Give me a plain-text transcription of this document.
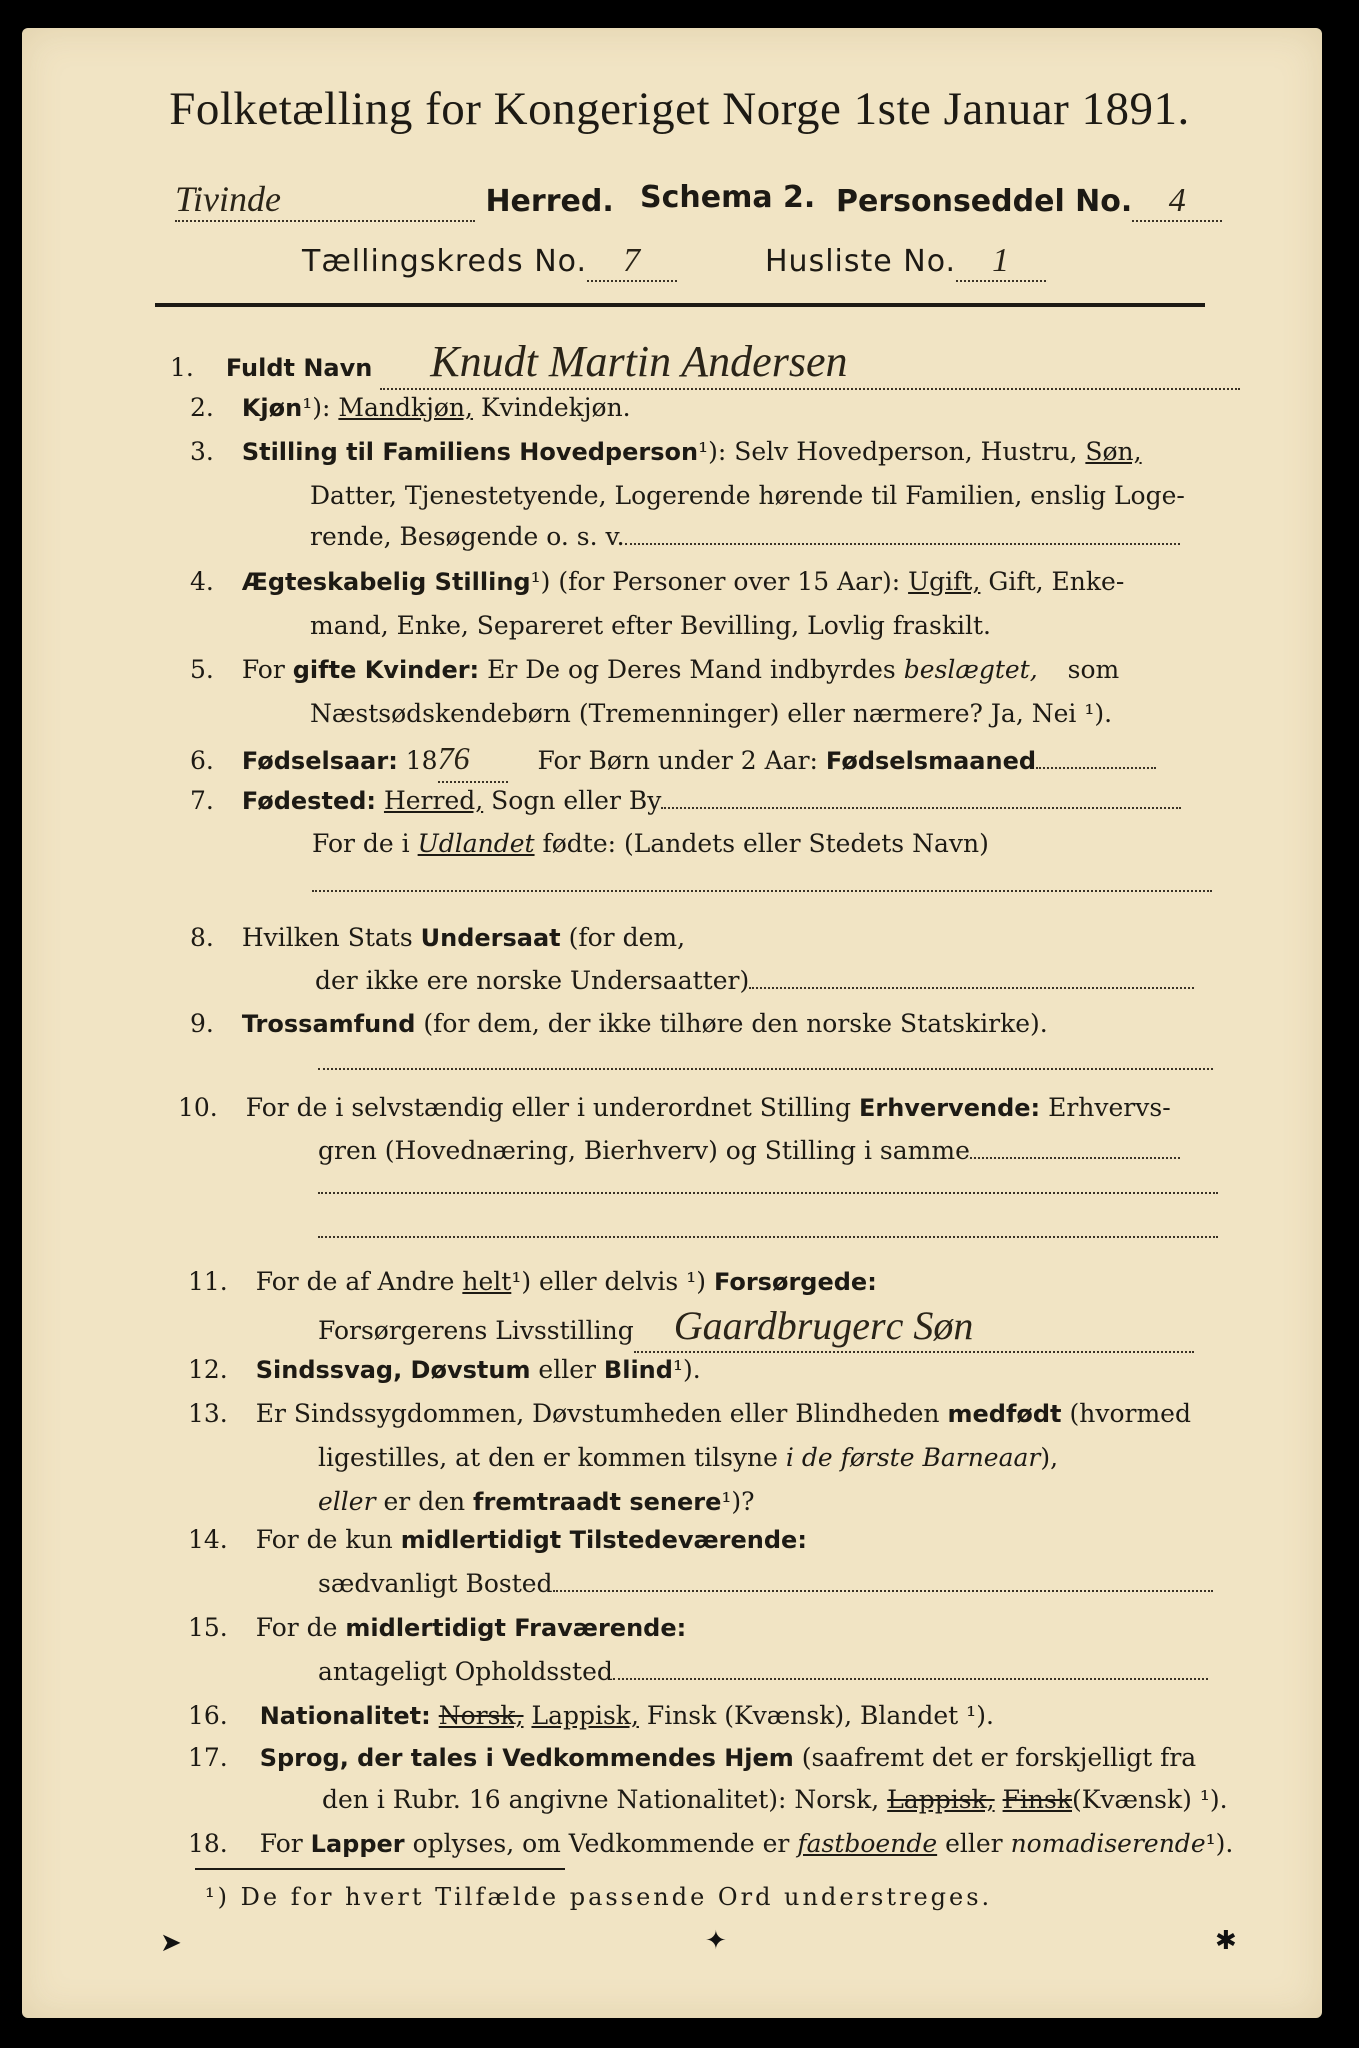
Folketælling for Kongeriget Norge 1ste Januar 1891.
Tivinde	Herred. Schema 2. Personseddel No. 4
Tællingskreds No. 7	Husliste No. 1
1. Fuldt Navn Knudt Martin Andersen
2. Kjøn¹): Mandkjøn, Kvindekjøn.
3. Stilling til Familiens Hovedperson¹): Selv Hovedperson, Hustru, Søn,
Datter, Tjenestetyende, Logerende hørende til Familien, enslig Loge-
rende, Besøgende o. s. v.
4. Ægteskabelig Stilling¹) (for Personer over 15 Aar): Ugift, Gift, Enke-
mand, Enke, Separeret efter Bevilling, Lovlig fraskilt.
5. For gifte Kvinder: Er De og Deres Mand indbyrdes beslægtet, som
Næstsødskendebørn (Tremenninger) eller nærmere? Ja, Nei ¹).
6. Fødselsaar: 1876	For Børn under 2 Aar: Fødselsmaaned
7. Fødested: Herred, Sogn eller By
For de i Udlandet fødte: (Landets eller Stedets Navn)
8. Hvilken Stats Undersaat (for dem,
der ikke ere norske Undersaatter)
9. Trossamfund (for dem, der ikke tilhøre den norske Statskirke).
10. For de i selvstændig eller i underordnet Stilling Erhvervende: Erhvervs-
gren (Hovednæring, Bierhverv) og Stilling i samme
11. For de af Andre helt¹) eller delvis ¹) Forsørgede:
Forsørgerens Livsstilling Gaardbrugerс Søn
12. Sindssvag, Døvstum eller Blind¹).
13. Er Sindssygdommen, Døvstumheden eller Blindheden medfødt (hvormed
ligestilles, at den er kommen tilsyne i de første Barneaar),
eller er den fremtraadt senere¹)?
14. For de kun midlertidigt Tilstedeværende:
sædvanligt Bosted
15. For de midlertidigt Fraværende:
antageligt Opholdssted
16. Nationalitet: Norsk, Lappisk, Finsk (Kvænsk), Blandet ¹).
17. Sprog, der tales i Vedkommendes Hjem (saafremt det er forskjelligt fra
den i Rubr. 16 angivne Nationalitet): Norsk, Lappisk, Finsk(Kvænsk) ¹).
18. For Lapper oplyses, om Vedkommende er fastboende eller nomadiserende¹).
¹) De for hvert Tilfælde passende Ord understreges.
➤	✦	✱
